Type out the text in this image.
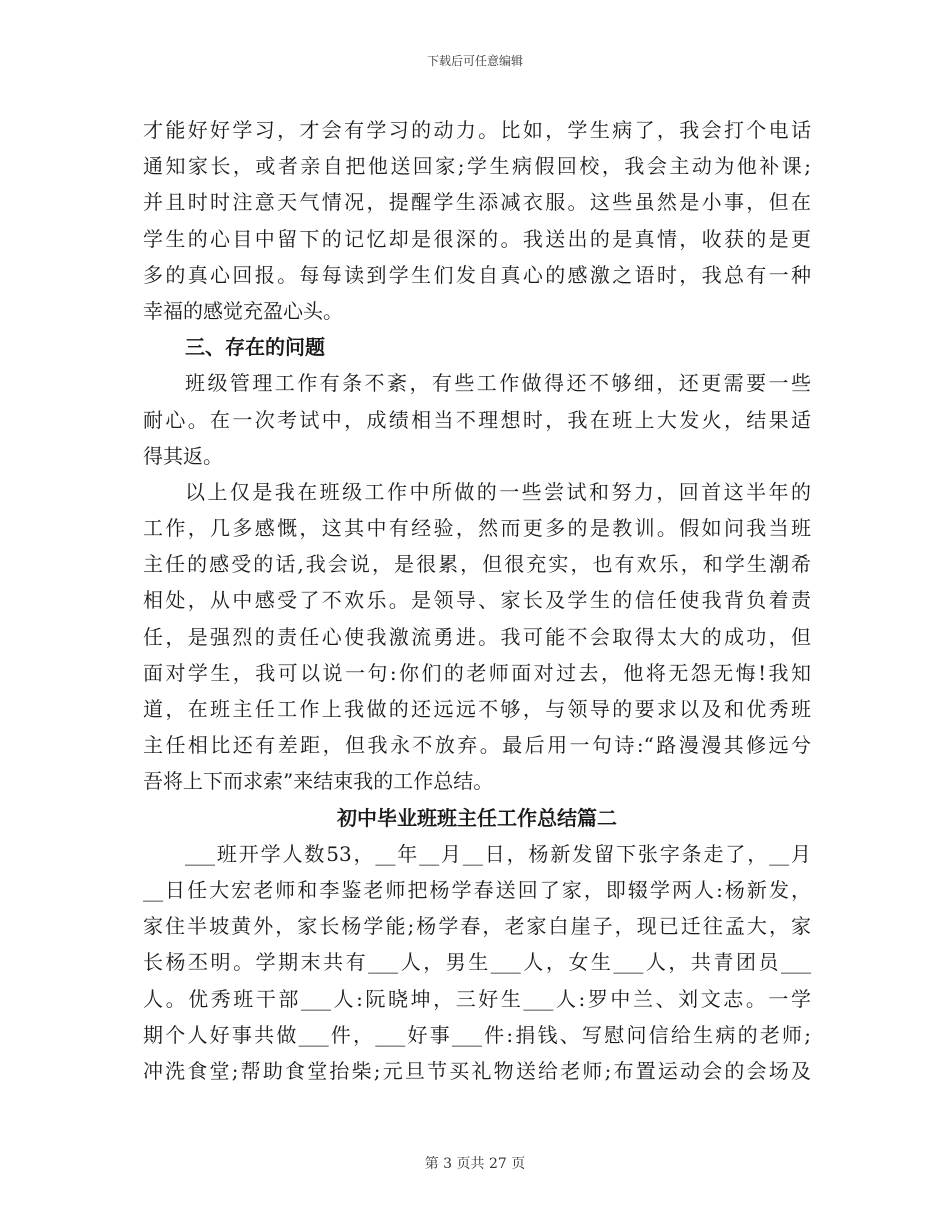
下载后可任意编辑
才能好好学习，才会有学习的动力。比如，学生病了，我会打个电话
通知家长，或者亲自把他送回家;学生病假回校，我会主动为他补课;
并且时时注意天气情况，提醒学生添减衣服。这些虽然是小事，但在
学生的心目中留下的记忆却是很深的。我送出的是真情，收获的是更
多的真心回报。每每读到学生们发自真心的感激之语时，我总有一种
幸福的感觉充盈心头。
三、存在的问题
班级管理工作有条不紊，有些工作做得还不够细，还更需要一些
耐心。在一次考试中，成绩相当不理想时，我在班上大发火，结果适
得其返。
以上仅是我在班级工作中所做的一些尝试和努力，回首这半年的
工作，几多感慨，这其中有经验，然而更多的是教训。假如问我当班
主任的感受的话,我会说，是很累，但很充实，也有欢乐，和学生潮希
相处，从中感受了不欢乐。是领导、家长及学生的信任使我背负着责
任，是强烈的责任心使我激流勇进。我可能不会取得太大的成功，但
面对学生，我可以说一句:你们的老师面对过去，他将无怨无悔!我知
道，在班主任工作上我做的还远远不够，与领导的要求以及和优秀班
主任相比还有差距，但我永不放弃。最后用一句诗:“路漫漫其修远兮
吾将上下而求索”来结束我的工作总结。
初中毕业班班主任工作总结篇二
___班开学人数53，__年__月__日，杨新发留下张字条走了，__月
__日任大宏老师和李鉴老师把杨学春送回了家，即辍学两人:杨新发，
家住半坡黄外，家长杨学能;杨学春，老家白崖子，现已迁往孟大，家
长杨丕明。学期末共有___人，男生___人，女生___人，共青团员___
人。优秀班干部___人:阮晓坤，三好生___人:罗中兰、刘文志。一学
期个人好事共做___件，___好事___件:捐钱、写慰问信给生病的老师;
冲洗食堂;帮助食堂抬柴;元旦节买礼物送给老师;布置运动会的会场及
第 3 页共 27 页
